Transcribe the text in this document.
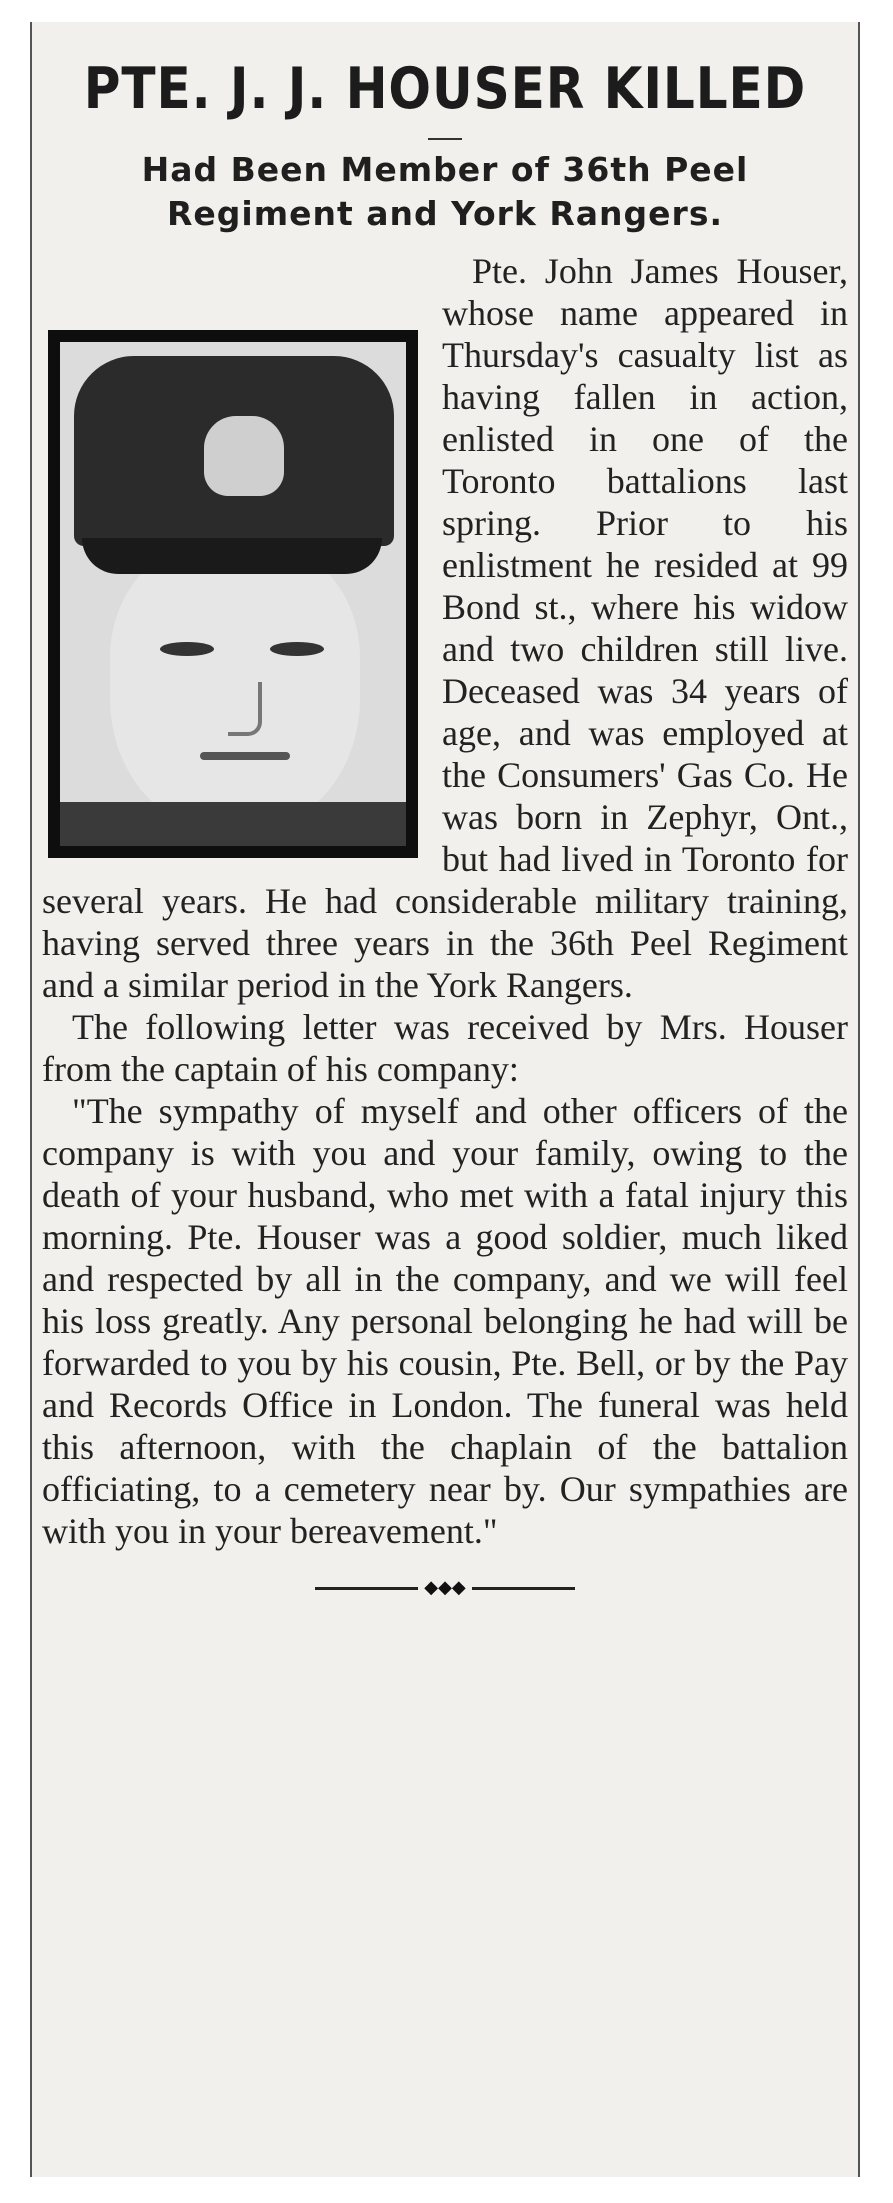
PTE. J. J. HOUSER KILLED
Had Been Member of 36th Peel
Regiment and York Rangers.

Pte. John James Houser, whose name appeared in Thursday's casualty list as having fallen in action, enlisted in one of the Toronto battalions last spring. Prior to his enlistment he resided at 99 Bond st., where his widow and two children still live. Deceased was 34 years of age, and was employed at the Consumers' Gas Co. He was born in Zephyr, Ont., but had lived in Toronto for several years. He had considerable military training, having served three years in the 36th Peel Regiment and a similar period in the York Rangers.

The following letter was received by Mrs. Houser from the captain of his company:

"The sympathy of myself and other officers of the company is with you and your family, owing to the death of your husband, who met with a fatal injury this morning. Pte. Houser was a good soldier, much liked and respected by all in the company, and we will feel his loss greatly. Any personal belonging he had will be forwarded to you by his cousin, Pte. Bell, or by the Pay and Records Office in London. The funeral was held this afternoon, with the chaplain of the battalion officiating, to a cemetery near by. Our sympathies are with you in your bereavement."

◆◆◆
